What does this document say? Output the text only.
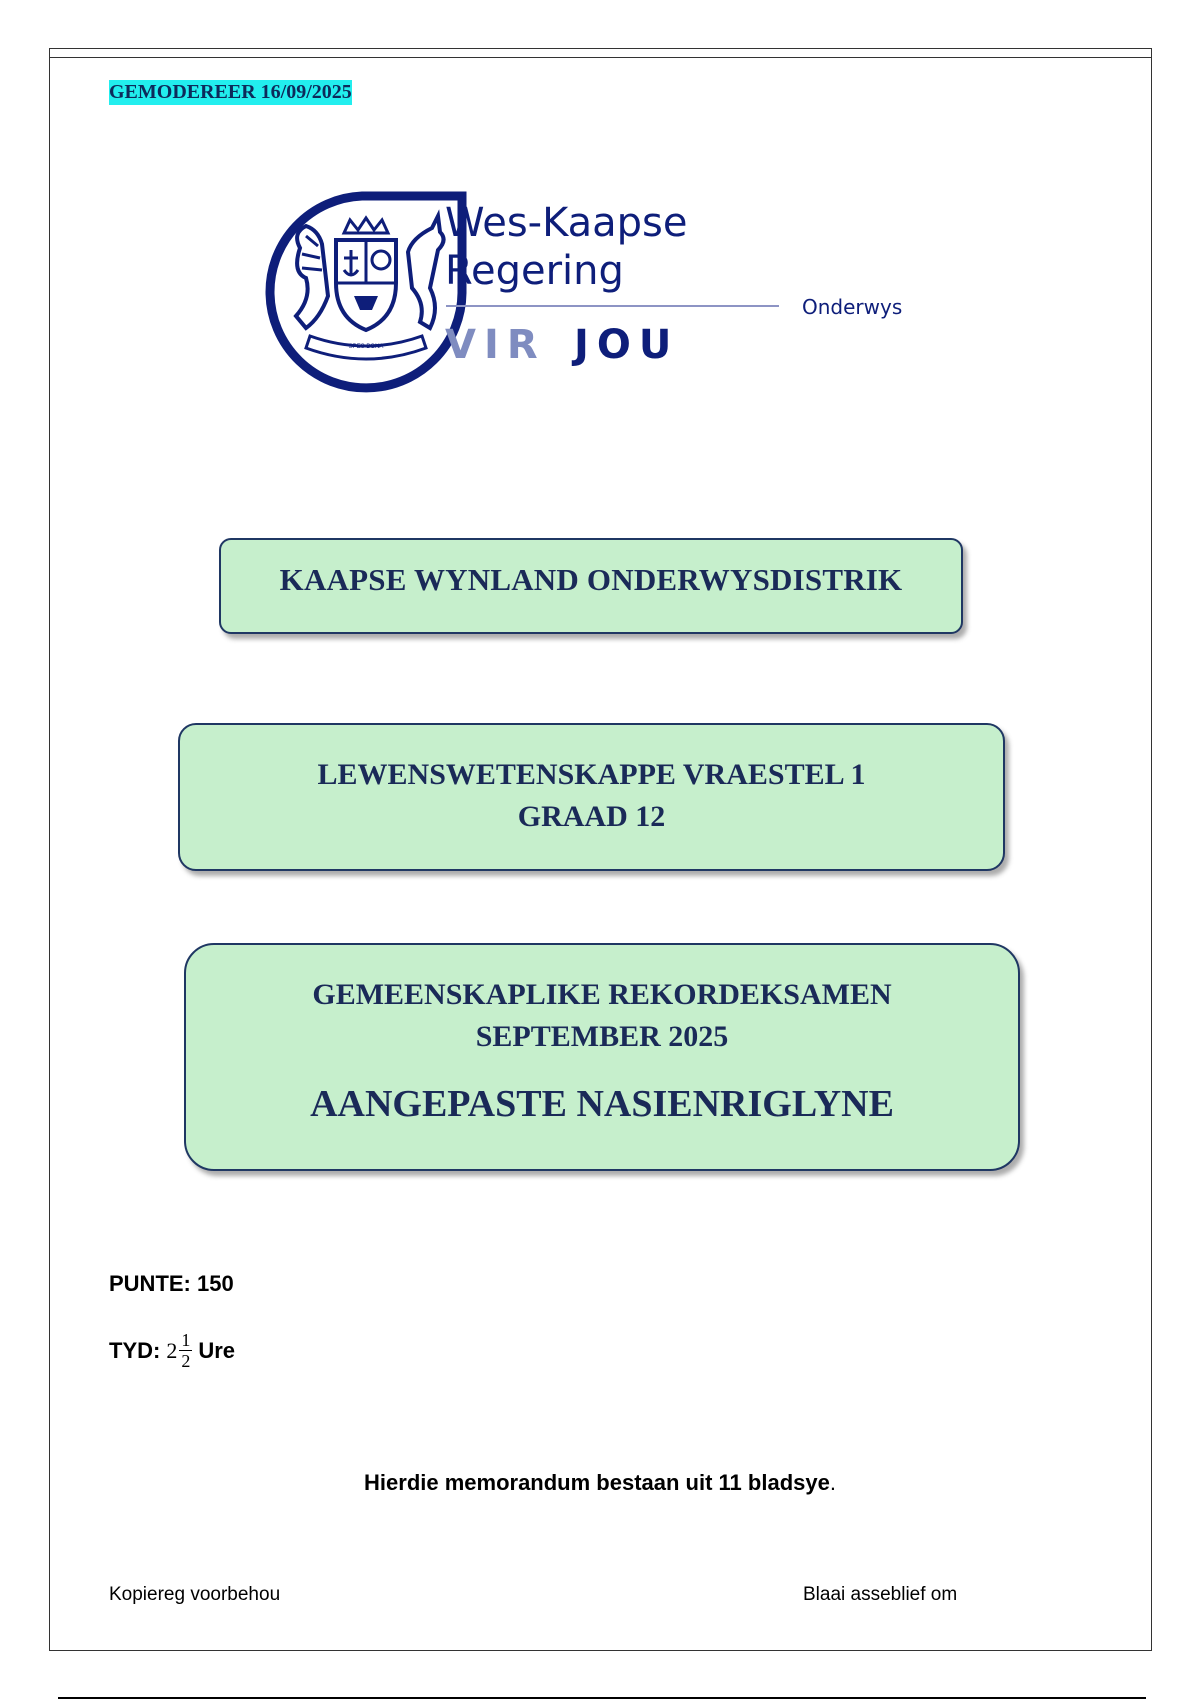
GEMODEREER 16/09/2025
SPES BONA
Wes-Kaapse
Regering
Onderwys
VIR JOU
KAAPSE WYNLAND ONDERWYSDISTRIK
LEWENSWETENSKAPPE VRAESTEL 1
GRAAD 12
GEMEENSKAPLIKE REKORDEKSAMEN
SEPTEMBER 2025
AANGEPASTE NASIENRIGLYNE
PUNTE: 150
TYD: $2 \frac{1}{2}$ Ure
Hierdie memorandum bestaan uit 11 bladsye.
Kopiereg voorbehou	Blaai asseblief om
